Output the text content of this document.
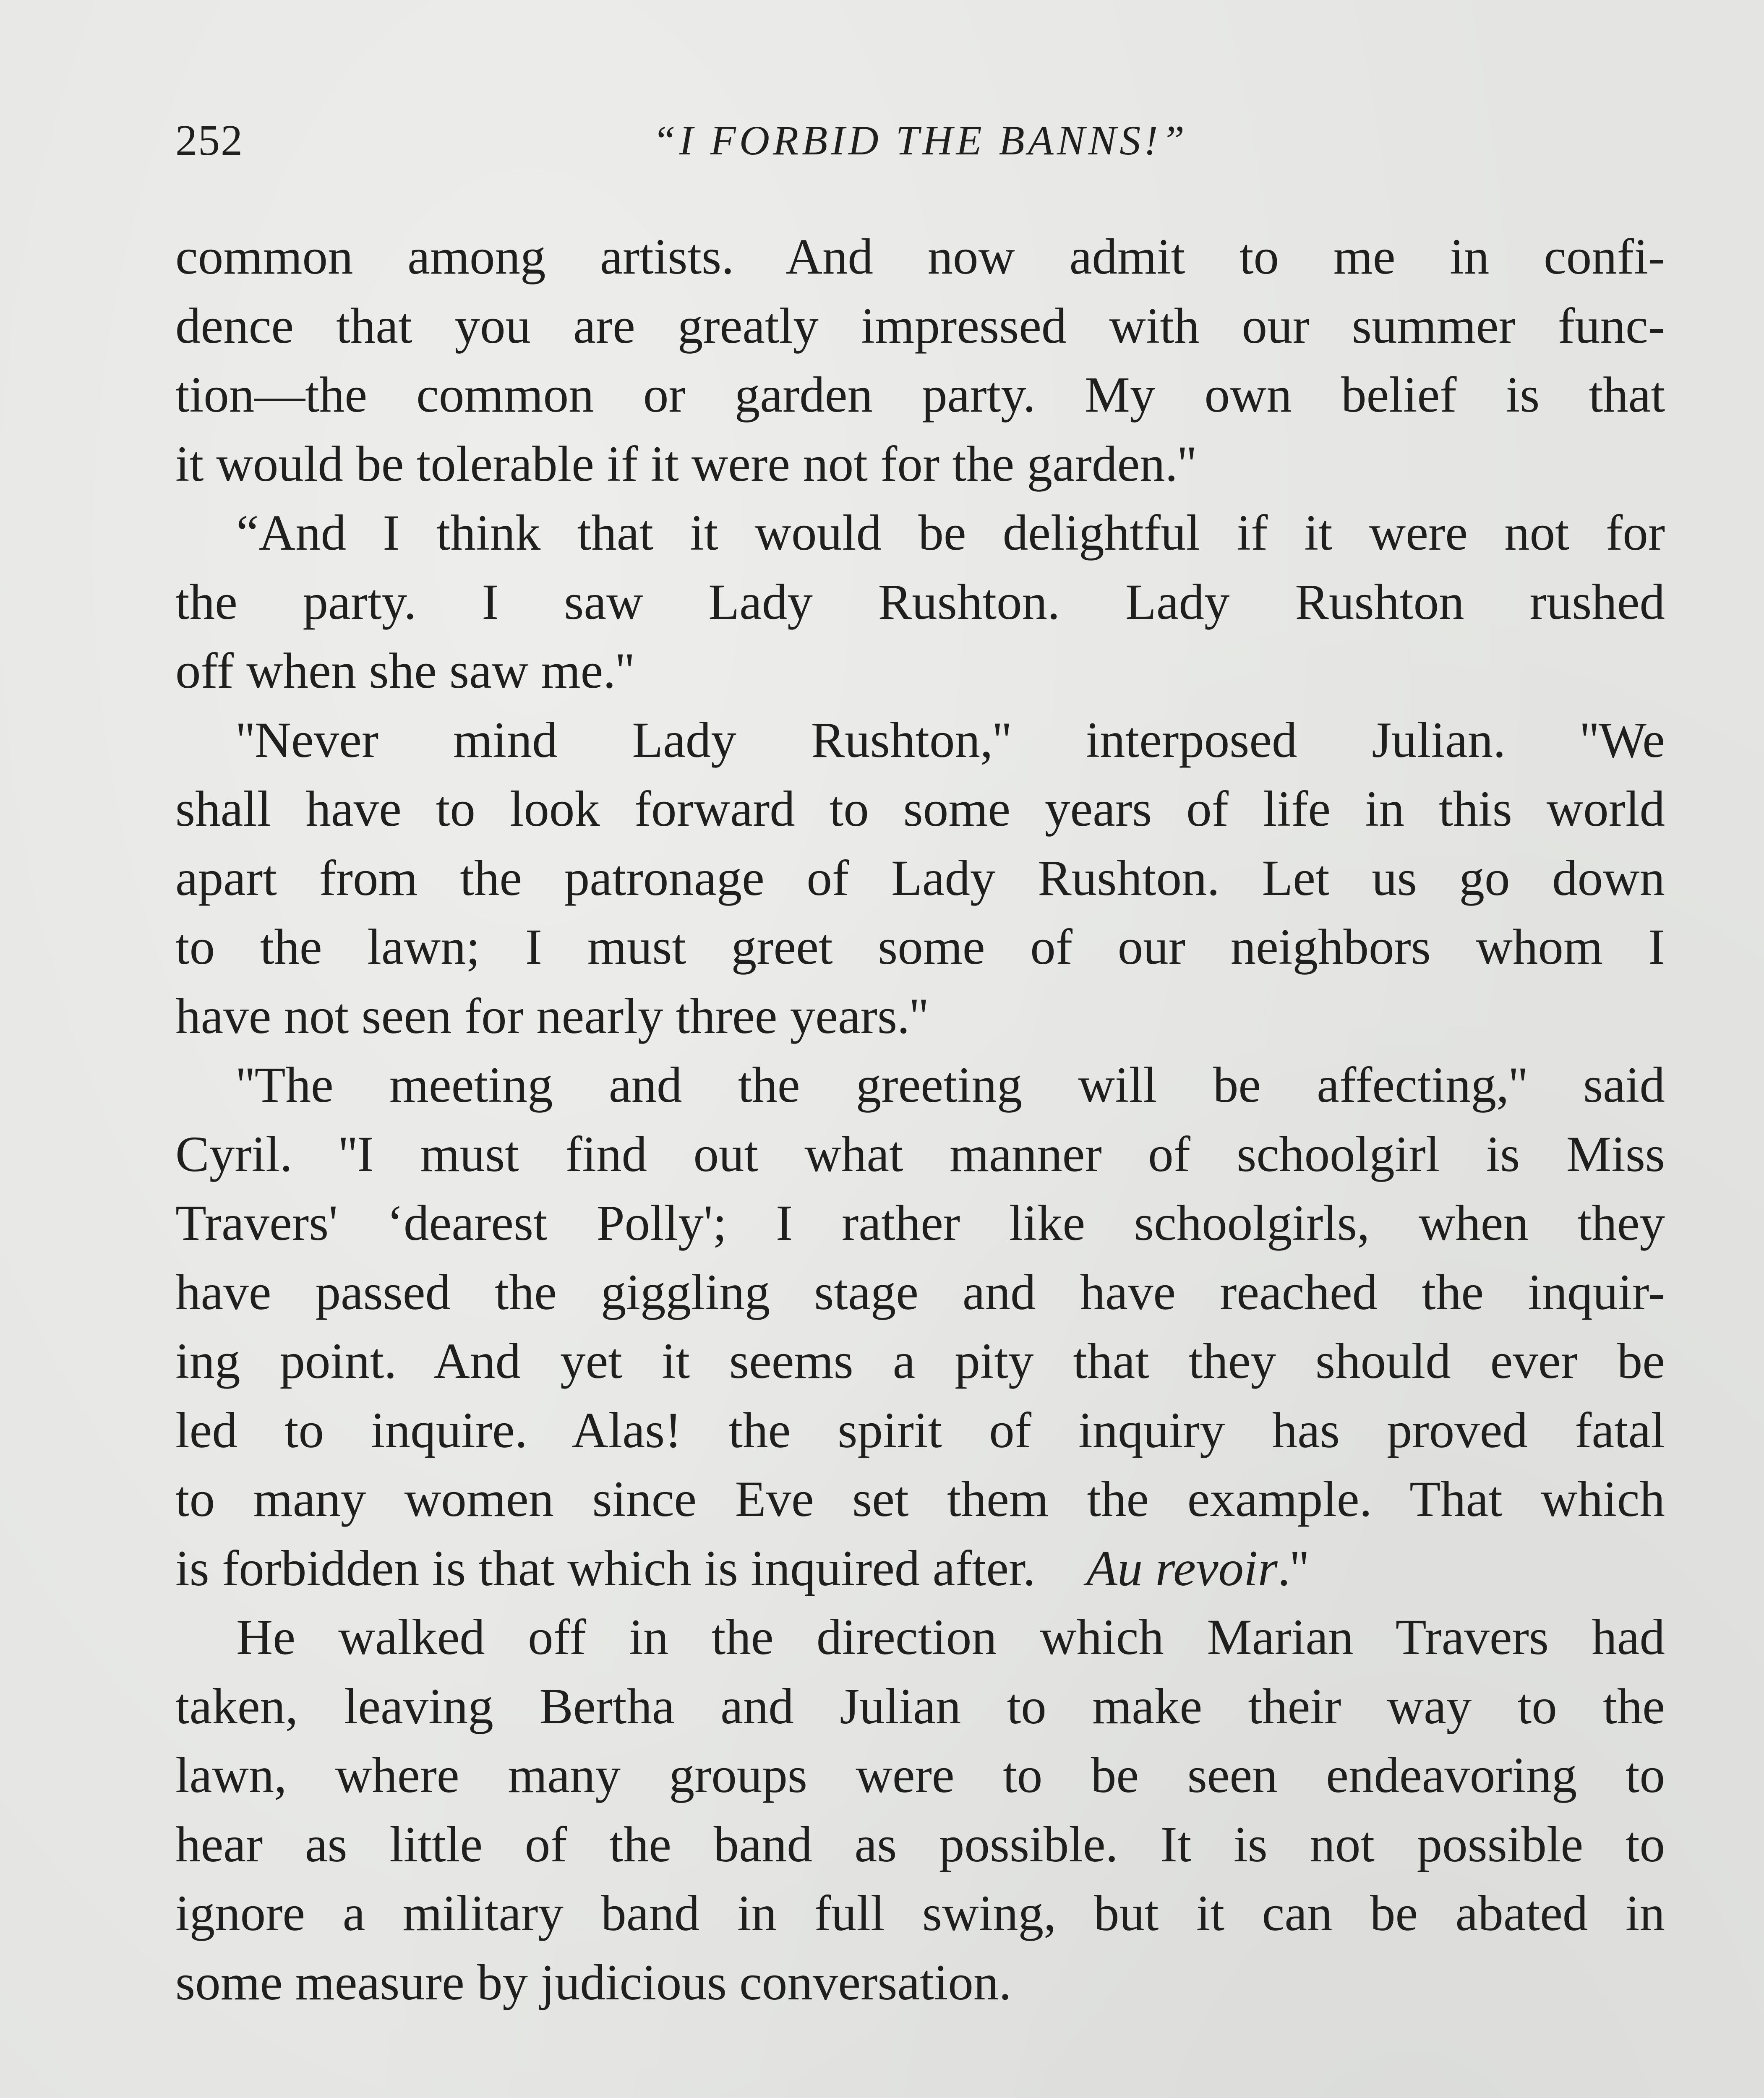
252	“I FORBID THE BANNS!”
common among artists. And now admit to me in confi-
dence that you are greatly impressed with our summer func-
tion—the common or garden party. My own belief is that
it would be tolerable if it were not for the garden.''
“And I think that it would be delightful if it were not for
the party. I saw Lady Rushton. Lady Rushton rushed
off when she saw me.''
''Never mind Lady Rushton,'' interposed Julian. ''We
shall have to look forward to some years of life in this world
apart from the patronage of Lady Rushton. Let us go down
to the lawn; I must greet some of our neighbors whom I
have not seen for nearly three years.''
''The meeting and the greeting will be affecting,'' said
Cyril. ''I must find out what manner of schoolgirl is Miss
Travers' ‘dearest Polly'; I rather like schoolgirls, when they
have passed the giggling stage and have reached the inquir-
ing point. And yet it seems a pity that they should ever be
led to inquire. Alas! the spirit of inquiry has proved fatal
to many women since Eve set them the example. That which
is forbidden is that which is inquired after. Au revoir.''
He walked off in the direction which Marian Travers had
taken, leaving Bertha and Julian to make their way to the
lawn, where many groups were to be seen endeavoring to
hear as little of the band as possible. It is not possible to
ignore a military band in full swing, but it can be abated in
some measure by judicious conversation.
